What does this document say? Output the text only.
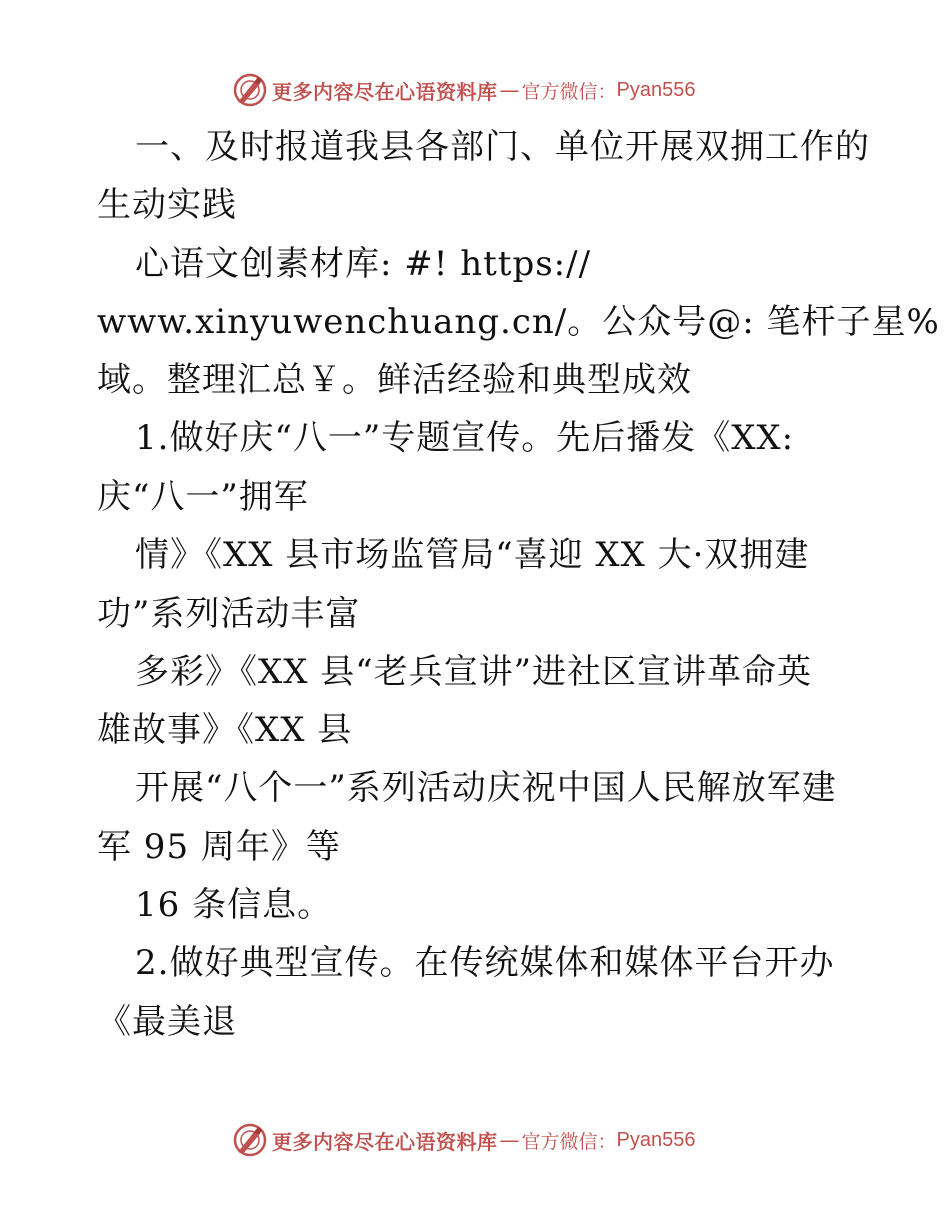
更多内容尽在心语资料库 — 官方微信： Pyan556
一、及时报道我县各部门、单位开展双拥工作的
生动实践
心语文创素材库: #! https://
www.xinyuwenchuang.cn/。公众号@: 笔杆子星%
域。整理汇总￥。鲜活经验和典型成效
1.做好庆“八一”专题宣传。先后播发《XX:
庆“八一”拥军
情》《XX 县市场监管局“喜迎 XX 大·双拥建
功”系列活动丰富
多彩》《XX 县“老兵宣讲”进社区宣讲革命英
雄故事》《XX 县
开展“八个一”系列活动庆祝中国人民解放军建
军 95 周年》等
16 条信息。
2.做好典型宣传。在传统媒体和媒体平台开办
《最美退
更多内容尽在心语资料库 — 官方微信： Pyan556
